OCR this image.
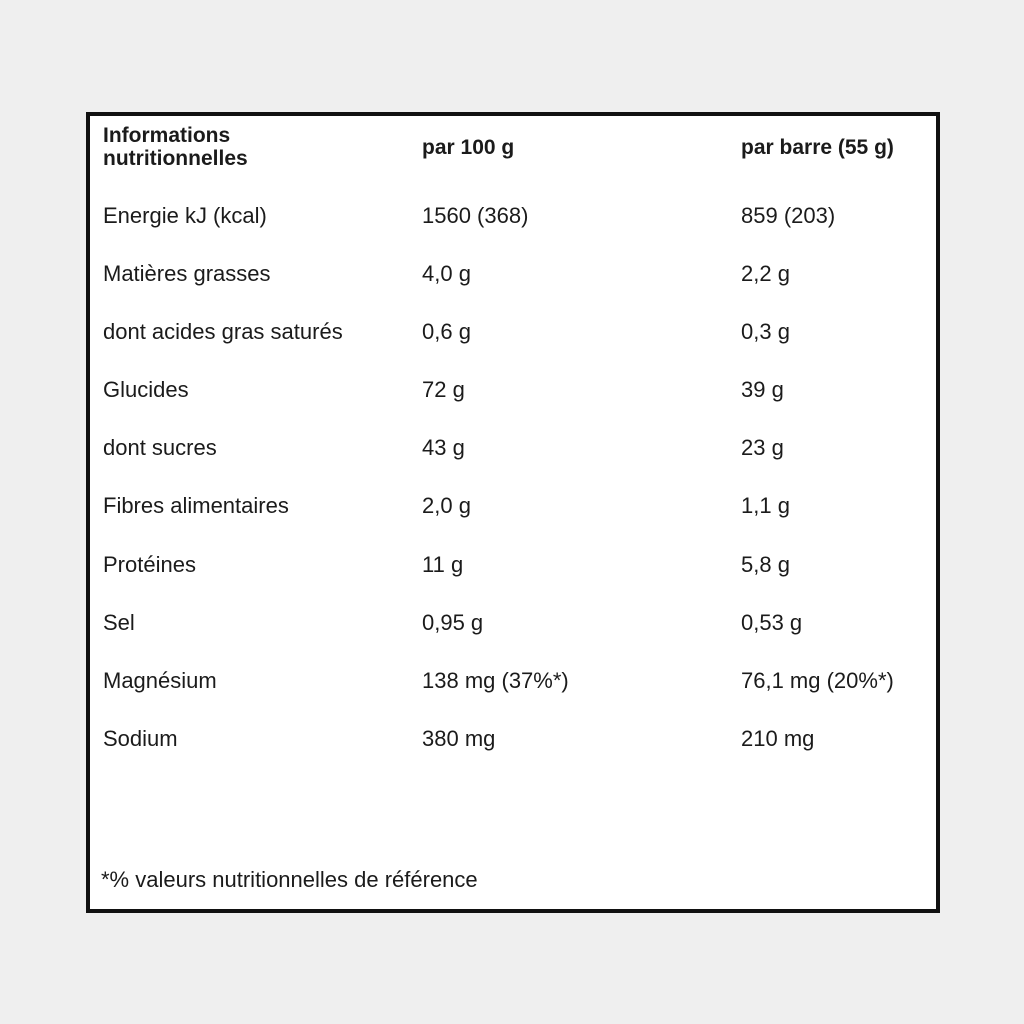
Informations
nutritionnelles	par 100 g	par barre (55 g)
Energie kJ (kcal)	1560 (368)	859 (203)
Matières grasses	4,0 g	2,2 g
dont acides gras saturés	0,6 g	0,3 g
Glucides	72 g	39 g
dont sucres	43 g	23 g
Fibres alimentaires	2,0 g	1,1 g
Protéines	11 g	5,8 g
Sel	0,95 g	0,53 g
Magnésium	138 mg (37%*)	76,1 mg (20%*)
Sodium	380 mg	210 mg
*% valeurs nutritionnelles de référence
